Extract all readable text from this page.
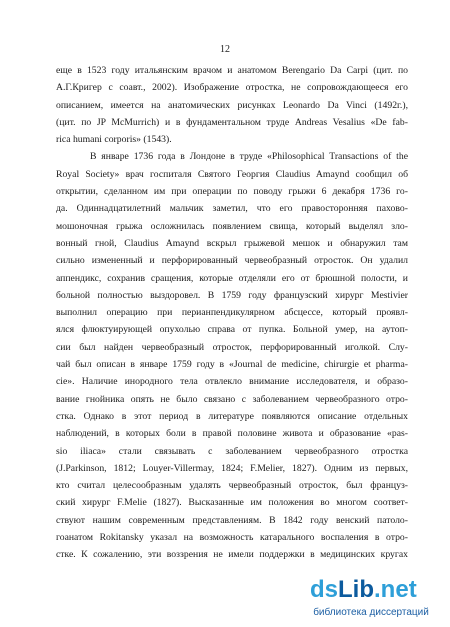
12
еще в 1523 году итальянским врачом и анатомом Berengario Da Carpi (цит. по
А.Г.Кригер с соавт., 2002). Изображение отростка, не сопровождающееся его
описанием, имеется на анатомических рисунках Leonardo Da Vinci (1492г.),
(цит. по JP McMurrich) и в фундаментальном труде Andreas Vesalius «De fab-
rica humani corporis» (1543).
В январе 1736 года в Лондоне в труде «Philosophical Transactions of the
Royal Society» врач госпиталя Святого Георгия Claudius Amaynd сообщил об
открытии, сделанном им при операции по поводу грыжи 6 декабря 1736 го-
да. Одиннадцатилетний мальчик заметил, что его правосторонняя паховo-
мошоночная грыжа осложнилась появлением свища, который выделял зло-
вонный гной, Claudius Amaynd вскрыл грыжевой мешок и обнаружил там
сильно измененный и перфорированный червеобразный отросток. Он удалил
аппендикс, сохранив сращения, которые отделяли его от брюшной полости, и
больной полностью выздоровел. В 1759 году французский хирург Mestivier
выполнил операцию при перианпендикулярном абсцессе, который проявл-
ялся флюктуирующей опухолью справа от пупка. Больной умер, на аутоп-
сии был найден червеобразный отросток, перфорированный иголкой. Слу-
чай был описан в январе 1759 году в «Journal de medicine, chirurgie et pharma-
cie». Наличие инородного тела отвлекло внимание исследователя, и образо-
вание гнойника опять не было связано с заболеванием червеобразного отро-
стка. Однако в этот период в литературе появляются описание отдельных
наблюдений, в которых боли в правой половине живота и образование «pas-
sio iliaca» стали связывать с заболеванием червеобразного отростка
(J.Parkinson, 1812; Louyer-Villermay, 1824; F.Melier, 1827). Одним из первых,
кто считал целесообразным удалять червеобразный отросток, был француз-
ский хирург F.Melie (1827). Высказанные им положения во многом соответ-
ствуют нашим современным представлениям. В 1842 году венский патоло-
гоанатом Rokitansky указал на возможность катарального воспаления в отро-
стке. К сожалению, эти воззрения не имели поддержки в медицинских кругах
dsLib.net
библиотека диссертаций
